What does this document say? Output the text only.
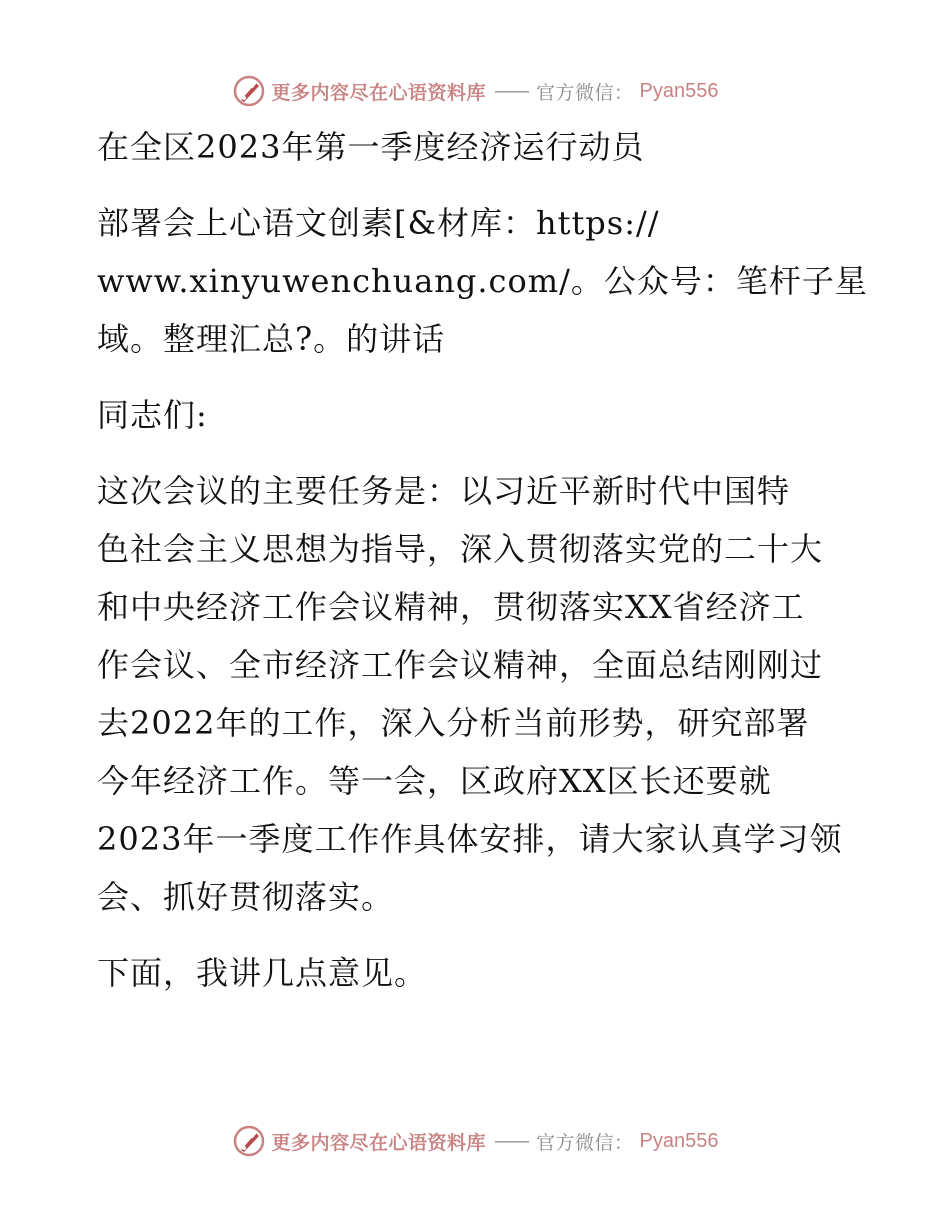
更多内容尽在心语资料库 —— 官方微信： Pyan556
在全区2023年第一季度经济运行动员
部署会上心语文创素[&材库：https://
www.xinyuwenchuang.com/。公众号：笔杆子星
域。整理汇总?。的讲话
同志们:
这次会议的主要任务是：以习近平新时代中国特
色社会主义思想为指导，深入贯彻落实党的二十大
和中央经济工作会议精神，贯彻落实XX省经济工
作会议、全市经济工作会议精神，全面总结刚刚过
去2022年的工作，深入分析当前形势，研究部署
今年经济工作。等一会，区政府XX区长还要就
2023年一季度工作作具体安排，请大家认真学习领
会、抓好贯彻落实。
下面，我讲几点意见。
更多内容尽在心语资料库 —— 官方微信： Pyan556
